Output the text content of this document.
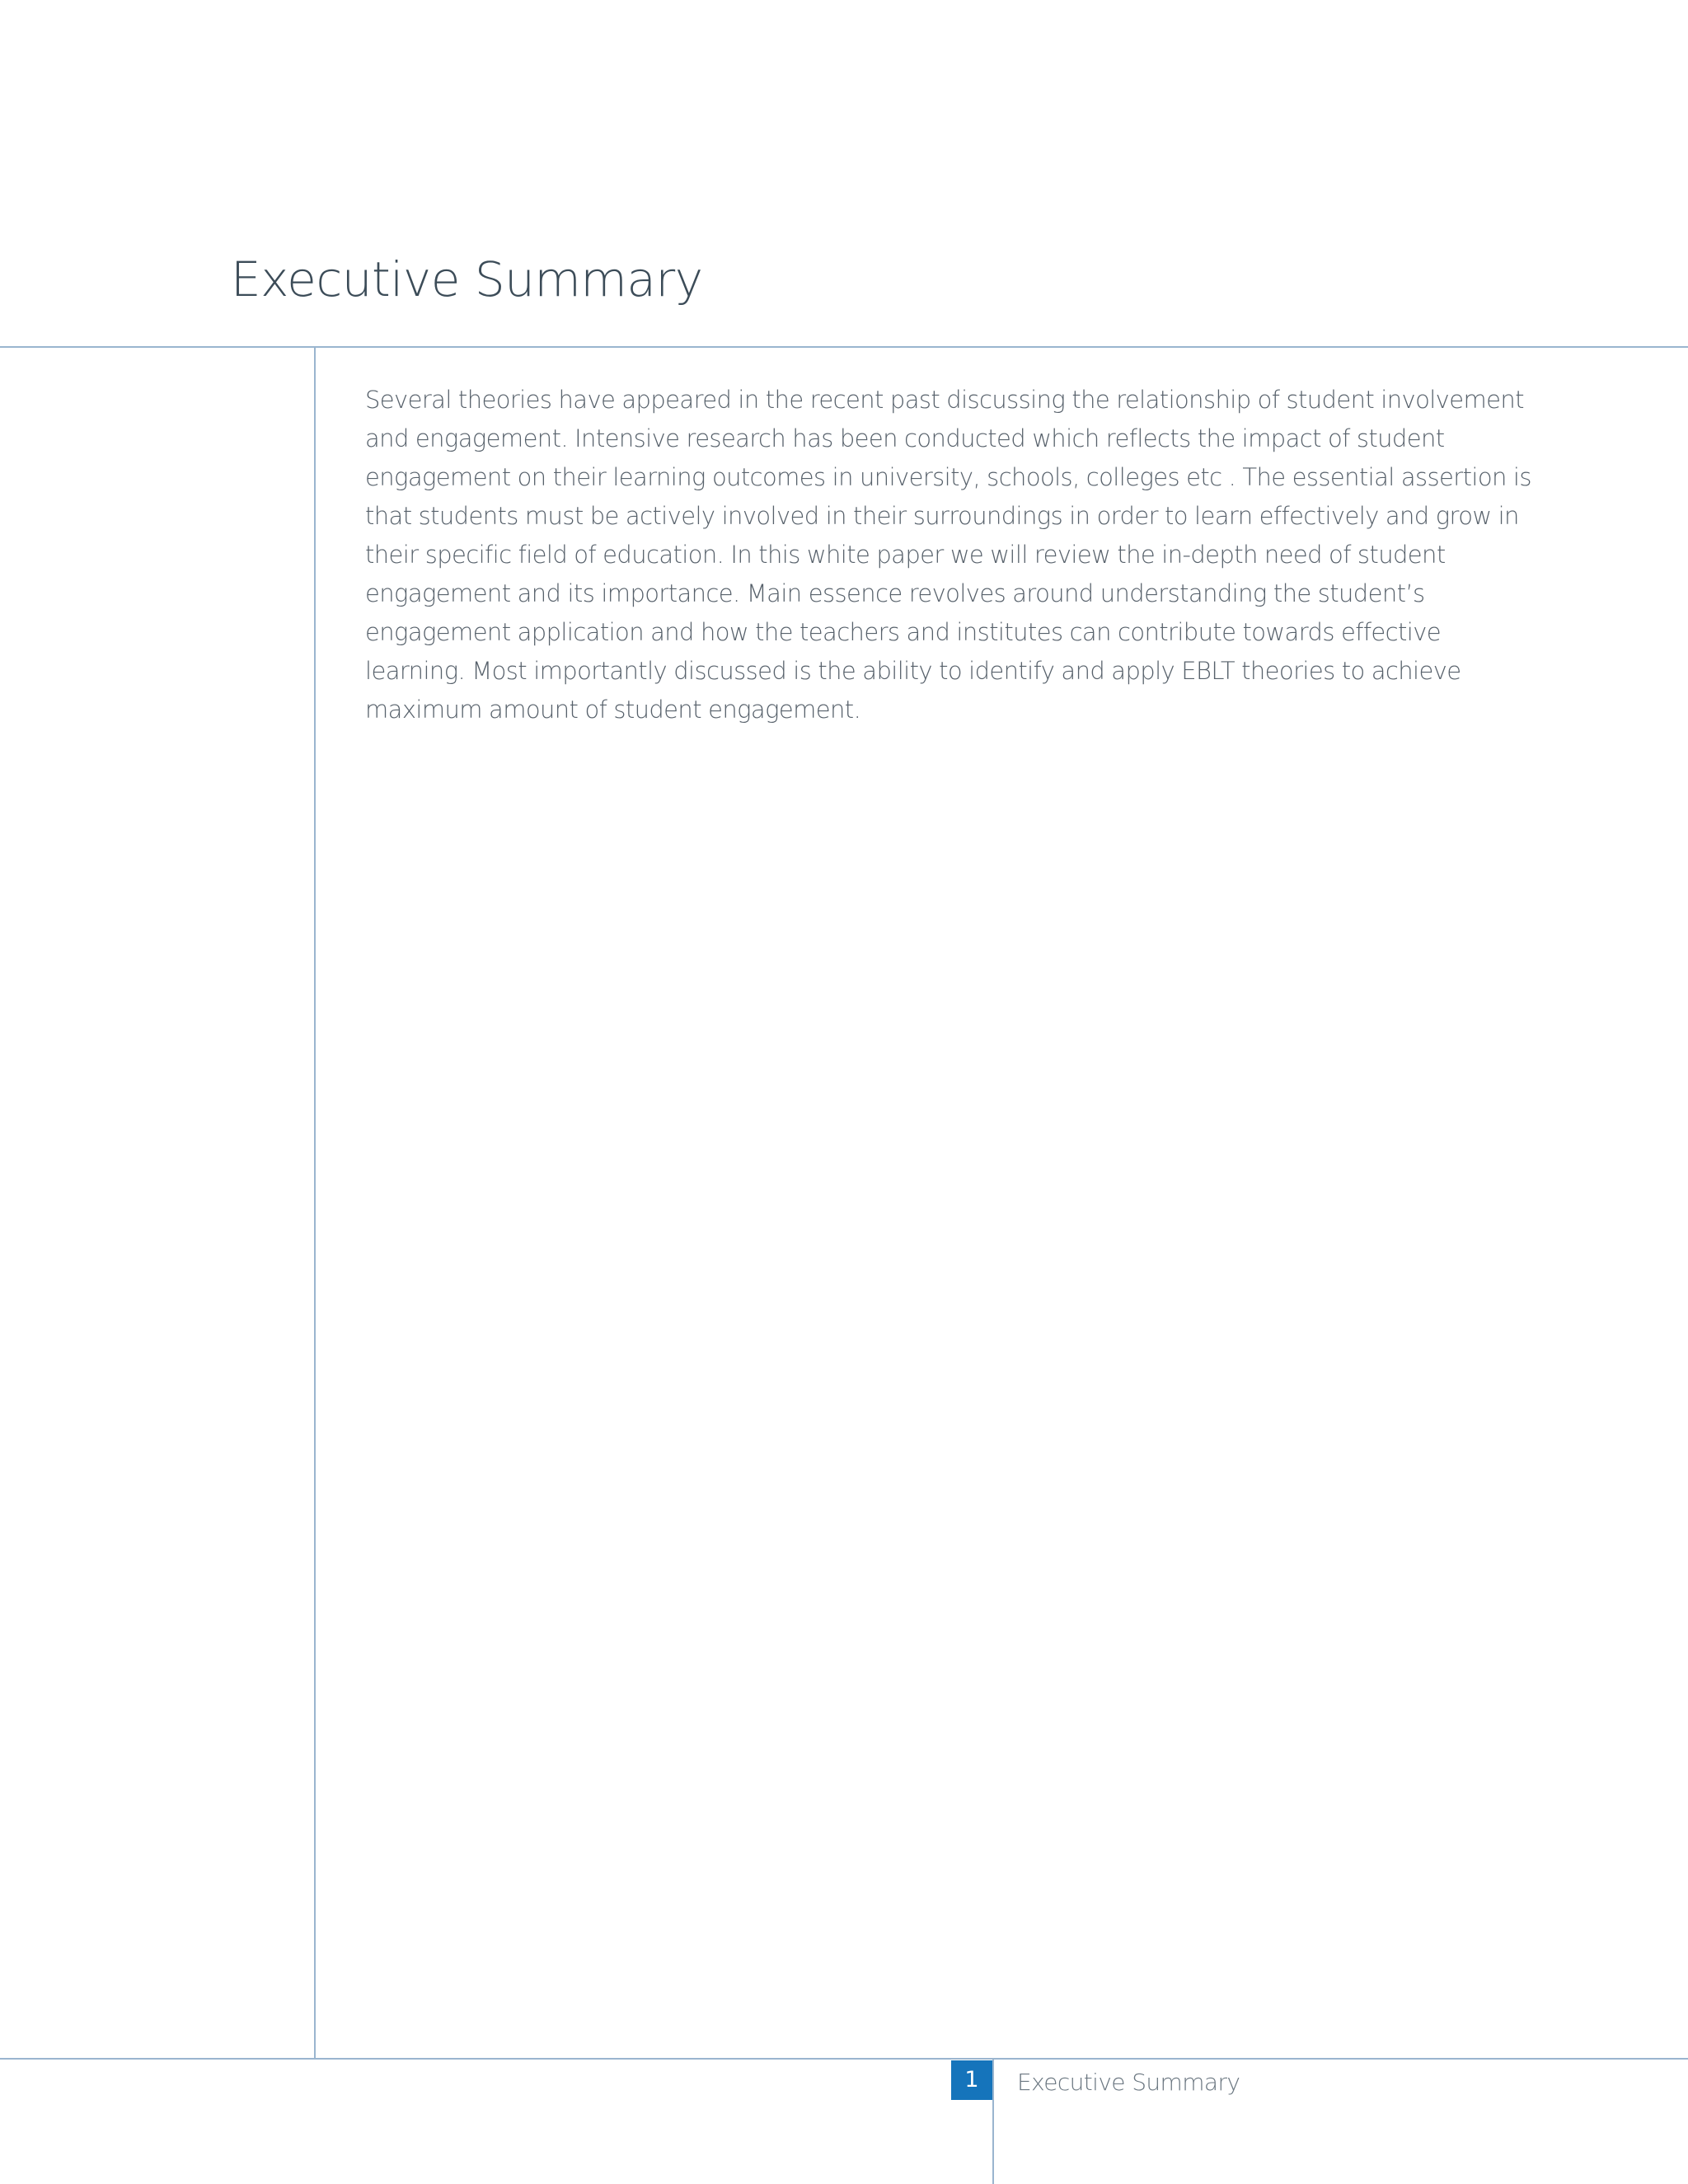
Executive Summary

Several theories have appeared in the recent past discussing the relationship of student involvement and engagement. Intensive research has been conducted which reflects the impact of student engagement on their learning outcomes in university, schools, colleges etc . The essential assertion is that students must be actively involved in their surroundings in order to learn effectively and grow in their specific field of education. In this white paper we will review the in-depth need of student engagement and its importance. Main essence revolves around understanding the student’s engagement application and how the teachers and institutes can contribute towards effective learning. Most importantly discussed is the ability to identify and apply EBLT theories to achieve maximum amount of student engagement.

1	Executive Summary
